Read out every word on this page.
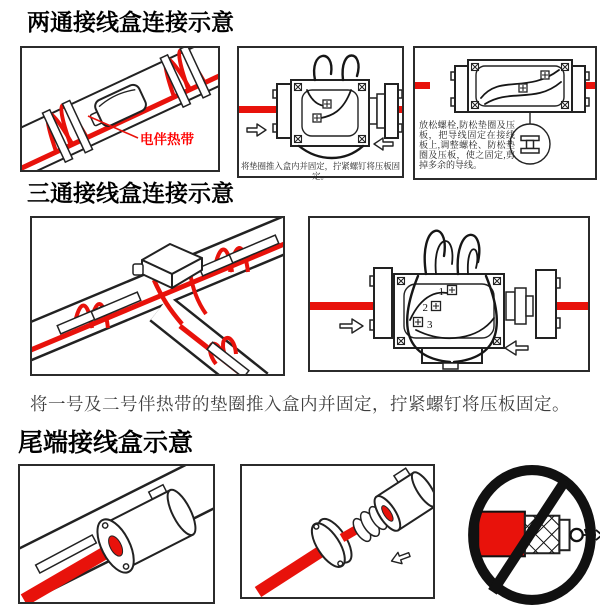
两通接线盒连接示意
电伴热带
将垫圈推入盒内并固定，拧紧螺钉将压板固定。
放松螺栓,防松垫圈及压板，把导线固定在接线板上,调整螺栓、防松垫圈及压板，使之固定,剪掉多余的导线。
三通接线盒连接示意
1
2
3
将一号及二号伴热带的垫圈推入盒内并固定，拧紧螺钉将压板固定。
尾端接线盒示意
